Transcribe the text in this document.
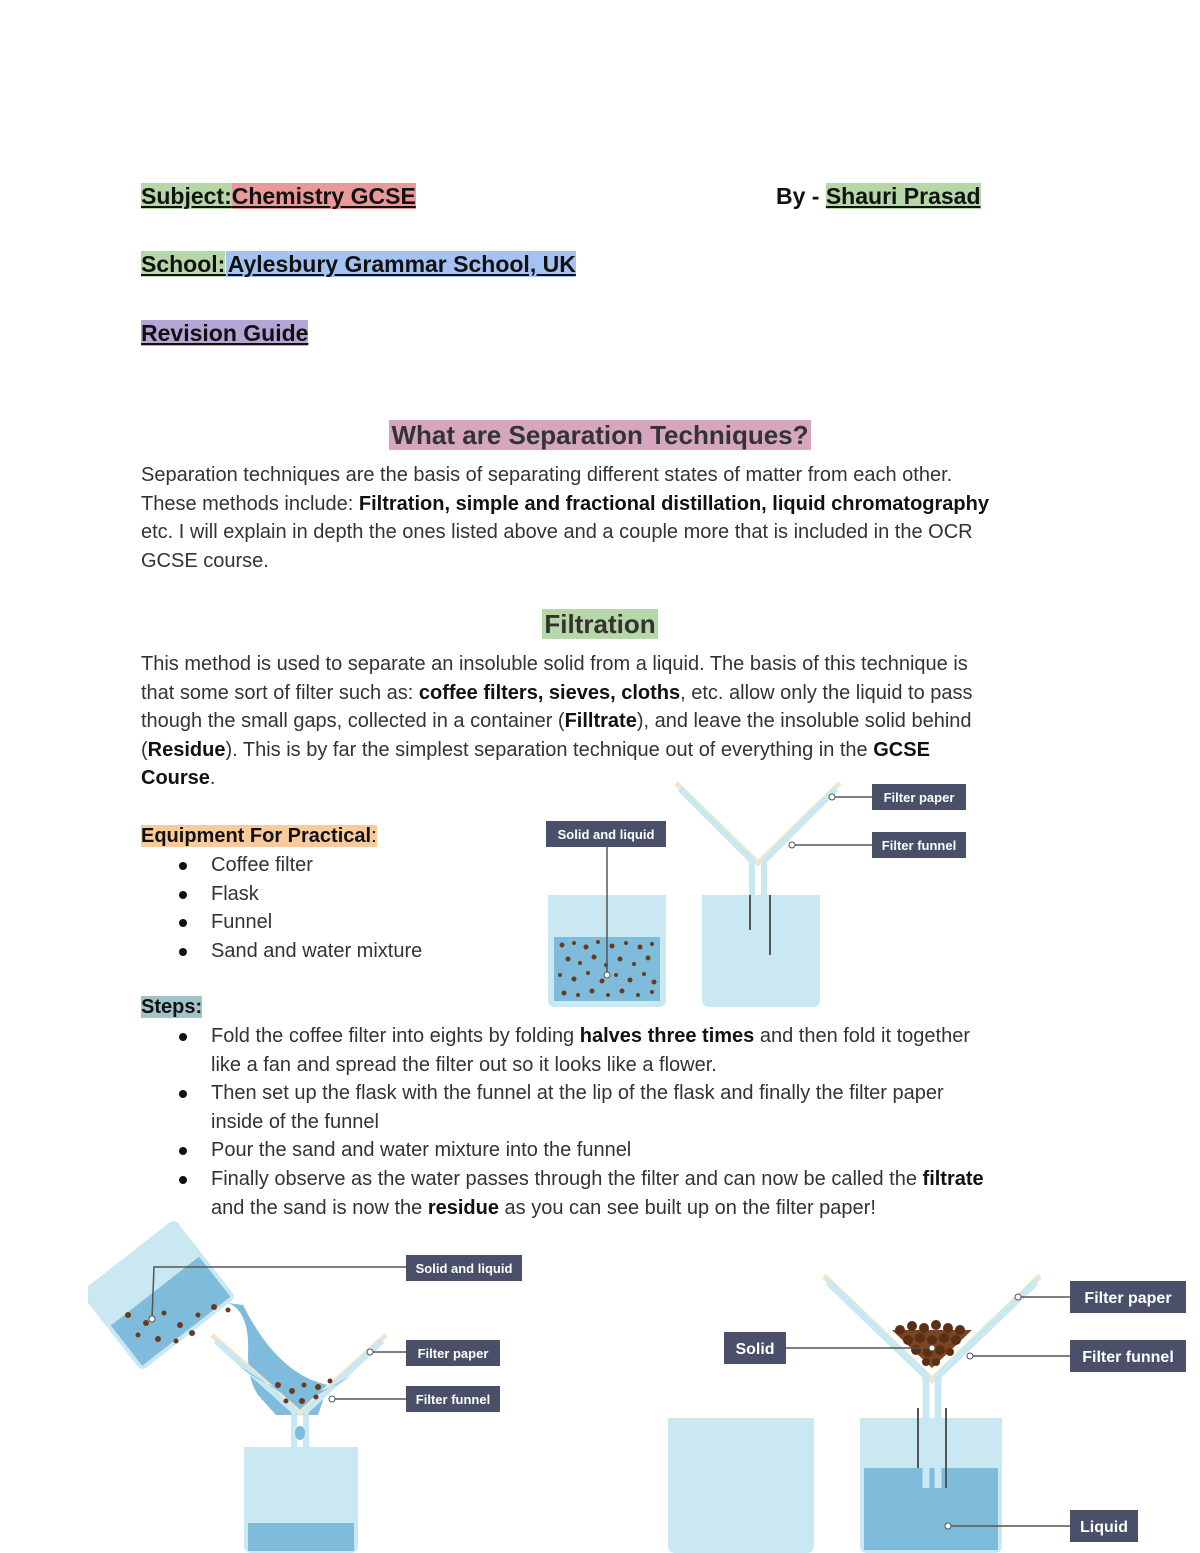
Subject:Chemistry GCSE	By - Shauri Prasad
School: Aylesbury Grammar School, UK
Revision Guide
What are Separation Techniques?
Separation techniques are the basis of separating different states of matter from each other.
These methods include: Filtration, simple and fractional distillation, liquid chromatography
etc. I will explain in depth the ones listed above and a couple more that is included in the OCR
GCSE course.
Filtration
This method is used to separate an insoluble solid from a liquid. The basis of this technique is
that some sort of filter such as: coffee filters, sieves, cloths, etc. allow only the liquid to pass
though the small gaps, collected in a container (Filltrate), and leave the insoluble solid behind
(Residue). This is by far the simplest separation technique out of everything in the GCSE
Course.
Equipment For Practical:
Coffee filter
Flask
Funnel
Sand and water mixture
Steps:
Fold the coffee filter into eights by folding halves three times and then fold it together
like a fan and spread the filter out so it looks like a flower.
Then set up the flask with the funnel at the lip of the flask and finally the filter paper
inside of the funnel
Pour the sand and water mixture into the funnel
Finally observe as the water passes through the filter and can now be called the filtrate
and the sand is now the residue as you can see built up on the filter paper!
Solid and liquid
Filter paper
Filter funnel
Solid and liquid
Filter paper
Filter funnel
Solid
Filter paper
Filter funnel
Liquid
